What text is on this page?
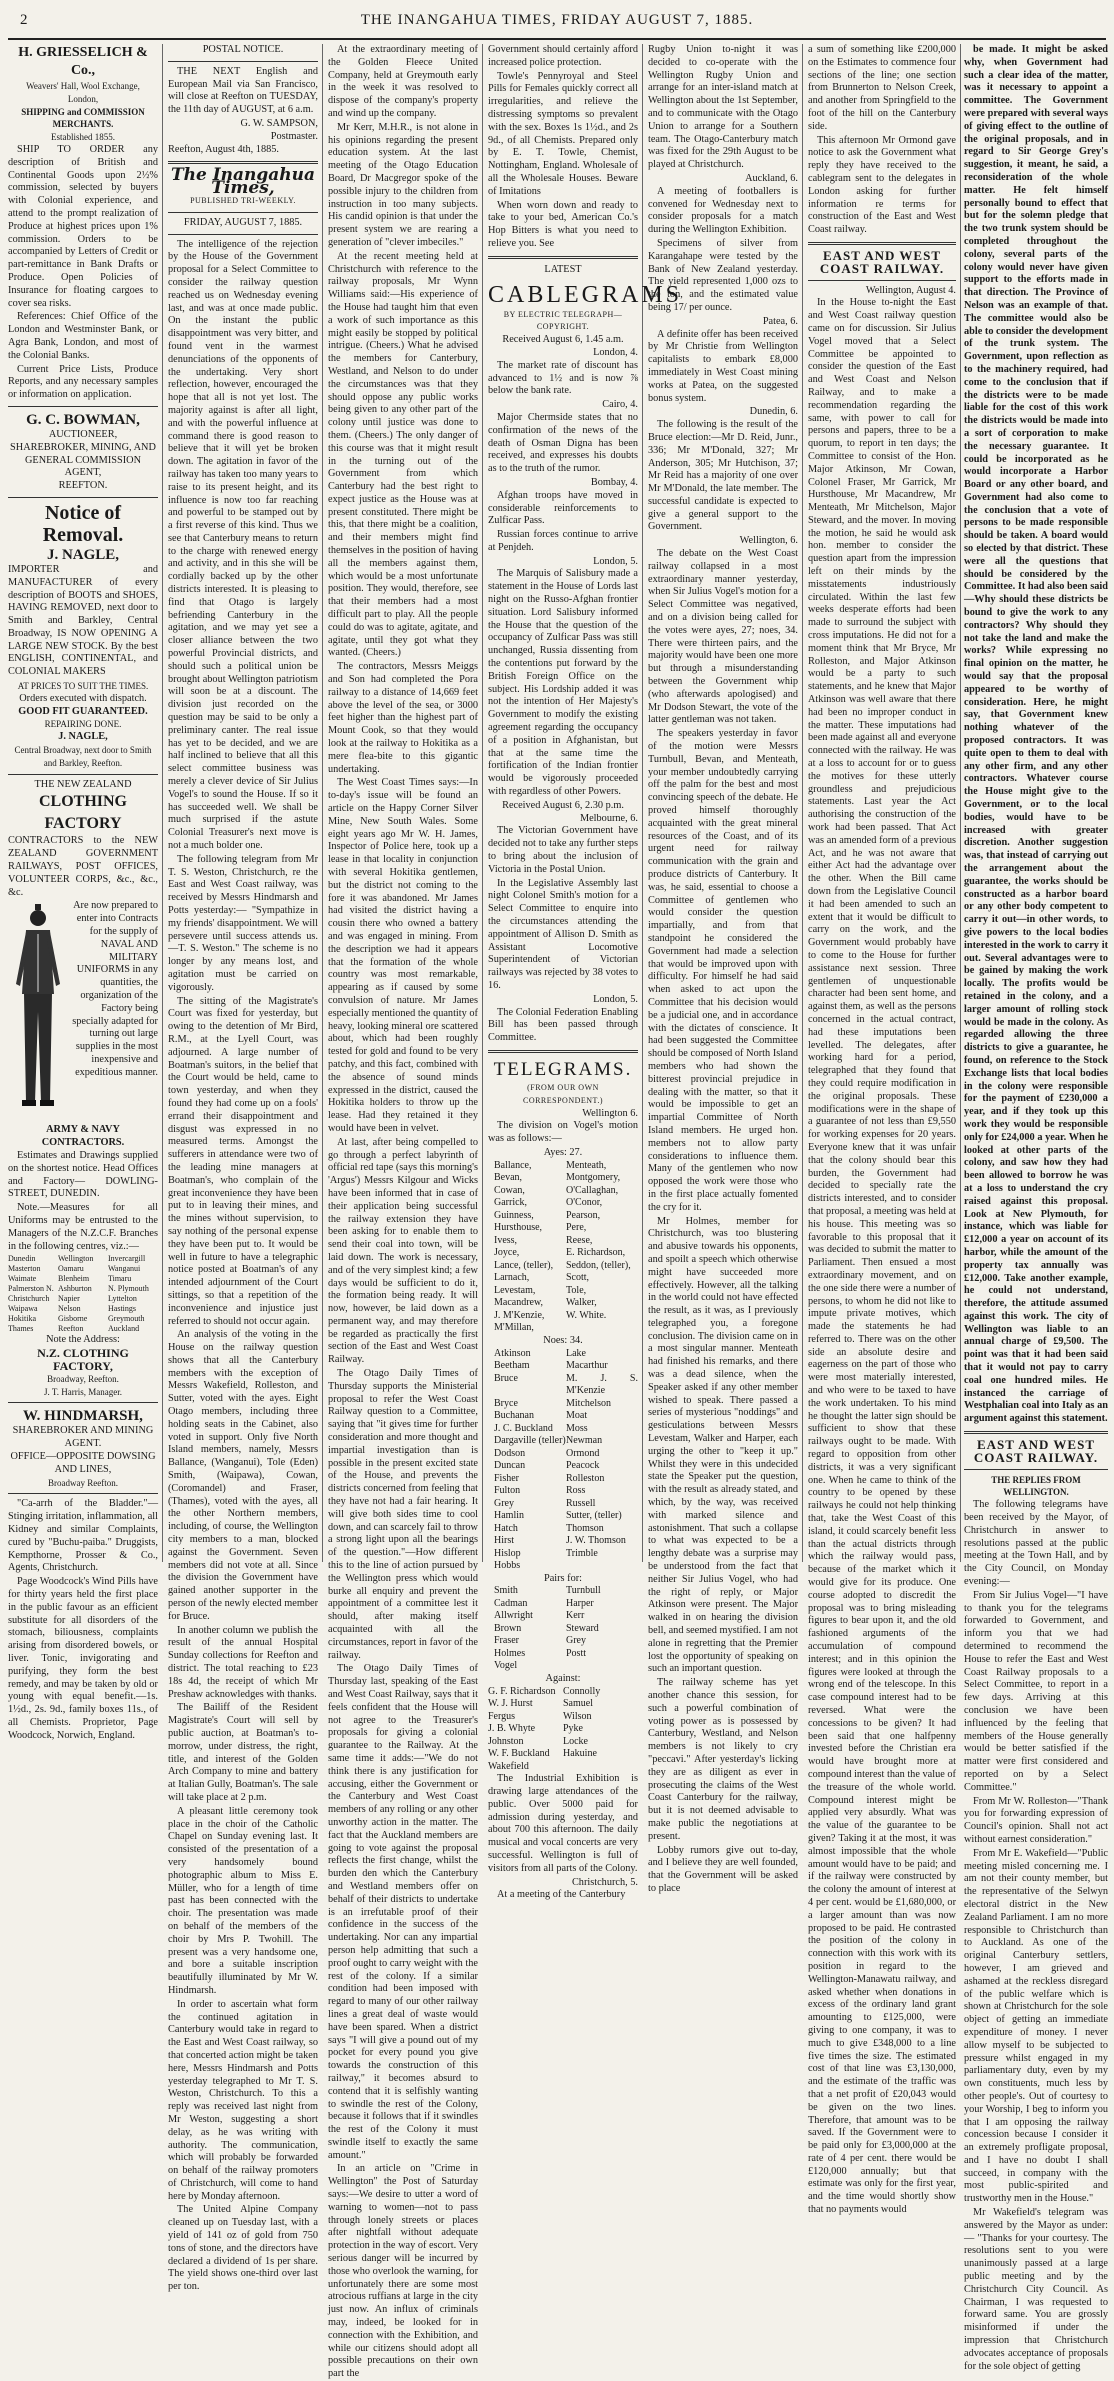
2	THE INANGAHUA TIMES, FRIDAY AUGUST 7, 1885.
H. GRIESSELICH & Co.,
Weavers' Hall, Wool Exchange,
London,
SHIPPING and COMMISSION MERCHANTS.
Established 1855.

SHIP TO ORDER any description of British and Continental Goods upon 2½% commission, selected by buyers with Colonial experience, and attend to the prompt realization of Produce at highest prices upon 1% commission. Orders to be accompanied by Letters of Credit or part-remittance in Bank Drafts or Produce. Open Policies of Insurance for floating cargoes to cover sea risks.

References: Chief Office of the London and Westminster Bank, or Agra Bank, London, and most of the Colonial Banks.

Current Price Lists, Produce Reports, and any necessary samples or information on application.

G. C. BOWMAN,
AUCTIONEER,
SHAREBROKER, MINING, AND
GENERAL COMMISSION
AGENT,
REEFTON.
Notice of Removal.
J. NAGLE,

IMPORTER and MANUFACTURER of every description of BOOTS and SHOES, HAVING REMOVED, next door to Smith and Barkley, Central Broadway, IS NOW OPENING A LARGE NEW STOCK. By the best ENGLISH, CONTINENTAL, and COLONIAL MAKERS

AT PRICES TO SUIT THE TIMES.
Orders executed with dispatch.
GOOD FIT GUARANTEED.
REPAIRING DONE.
J. NAGLE,
Central Broadway, next door to Smith and Barkley, Reefton.
THE NEW ZEALAND
CLOTHING FACTORY

CONTRACTORS to the NEW ZEALAND GOVERNMENT RAILWAYS, POST OFFICES, VOLUNTEER CORPS, &c., &c., &c.

Are now prepared to enter into Contracts for the supply of NAVAL AND MILITARY UNIFORMS in any quantities, the organization of the Factory being specially adapted for turning out large supplies in the most inexpensive and expeditious manner.

ARMY & NAVY CONTRACTORS.

Estimates and Drawings supplied on the shortest notice. Head Offices and Factory— DOWLING-STREET, DUNEDIN.

Note.—Measures for all Uniforms may be entrusted to the Managers of the N.Z.C.F. Branches in the following centres, viz.:—

Dunedin	Wellington	Invercargill
Masterton	Oamaru	Wanganui
Waimate	Blenheim	Timaru
Palmerston N. Ashburton	N. Plymouth
Christchurch	Napier	Lyttelton
Waipawa	Nelson	Hastings
Hokitika	Gisborne	Greymouth
Thames	Reefton	Auckland
Note the Address:
N.Z. CLOTHING FACTORY,
Broadway, Reefton.
J. T. Harris, Manager.
W. HINDMARSH,
SHAREBROKER AND MINING AGENT.
OFFICE—OPPOSITE DOWSING AND LINES,
Broadway Reefton.

"Ca-arrh of the Bladder."— Stinging irritation, inflammation, all Kidney and similar Complaints, cured by "Buchu-paiba." Druggists, Kempthorne, Prosser & Co., Agents, Christchurch.

Page Woodcock's Wind Pills have for thirty years held the first place in the public favour as an efficient substitute for all disorders of the stomach, biliousness, complaints arising from disordered bowels, or liver. Tonic, invigorating and purifying, they form the best remedy, and may be taken by old or young with equal benefit.—1s. 1½d., 2s. 9d., family boxes 11s., of all Chemists. Proprietor, Page Woodcock, Norwich, England.

POSTAL NOTICE.

THE NEXT English and European Mail via San Francisco, will close at Reefton on TUESDAY, the 11th day of AUGUST, at 6 a.m.

G. W. SAMPSON,
Postmaster.
Reefton, August 4th, 1885.
The Inangahua Times,
PUBLISHED TRI-WEEKLY.
FRIDAY, AUGUST 7, 1885.

The intelligence of the rejection by the House of the Government proposal for a Select Committee to consider the railway question reached us on Wednesday evening last, and was at once made public. On the instant the public disappointment was very bitter, and found vent in the warmest denunciations of the opponents of the undertaking. Very short reflection, however, encouraged the hope that all is not yet lost. The majority against is after all light, and with the powerful influence at command there is good reason to believe that it will yet be broken down. The agitation in favor of the railway has taken too many years to raise to its present height, and its influence is now too far reaching and powerful to be stamped out by a first reverse of this kind. Thus we see that Canterbury means to return to the charge with renewed energy and activity, and in this she will be cordially backed up by the other districts interested. It is pleasing to find that Otago is largely befriending Canterbury in the agitation, and we may yet see a closer alliance between the two powerful Provincial districts, and should such a political union be brought about Wellington patriotism will soon be at a discount. The division just recorded on the question may be said to be only a preliminary canter. The real issue has yet to be decided, and we are half inclined to believe that all this select committee business was merely a clever device of Sir Julius Vogel's to sound the House. If so it has succeeded well. We shall be much surprised if the astute Colonial Treasurer's next move is not a much bolder one.

The following telegram from Mr T. S. Weston, Christchurch, re the East and West Coast railway, was received by Messrs Hindmarsh and Potts yesterday:— "Sympathize in my friends' disappointment. We will persevere until success attends us.—T. S. Weston." The scheme is no longer by any means lost, and agitation must be carried on vigorously.

The sitting of the Magistrate's Court was fixed for yesterday, but owing to the detention of Mr Bird, R.M., at the Lyell Court, was adjourned. A large number of Boatman's suitors, in the belief that the Court would be held, came to town yesterday, and when they found they had come up on a fools' errand their disappointment and disgust was expressed in no measured terms. Amongst the sufferers in attendance were two of the leading mine managers at Boatman's, who complain of the great inconvenience they have been put to in leaving their mines, and the mines without supervision, to say nothing of the personal expense they have been put to. It would be well in future to have a telegraphic notice posted at Boatman's of any intended adjournment of the Court sittings, so that a repetition of the inconvenience and injustice just referred to should not occur again.

An analysis of the voting in the House on the railway question shows that all the Canterbury members with the exception of Messrs Wakefield, Rolleston, and Sutter, voted with the ayes. Eight Otago members, including three holding seats in the Cabinet, also voted in support. Only five North Island members, namely, Messrs Ballance, (Wanganui), Tole (Eden) Smith, (Waipawa), Cowan, (Coromandel) and Fraser, (Thames), voted with the ayes, all the other Northern members, including, of course, the Wellington city members to a man, blocked against the Government. Seven members did not vote at all. Since the division the Government have gained another supporter in the person of the newly elected member for Bruce.

In another column we publish the result of the annual Hospital Sunday collections for Reefton and district. The total reaching to £23 18s 4d, the receipt of which Mr Preshaw acknowledges with thanks.

The Bailiff of the Resident Magistrate's Court will sell by public auction, at Boatman's to-morrow, under distress, the right, title, and interest of the Golden Arch Company to mine and battery at Italian Gully, Boatman's. The sale will take place at 2 p.m.

A pleasant little ceremony took place in the choir of the Catholic Chapel on Sunday evening last. It consisted of the presentation of a very handsomely bound photographic album to Miss E. Müller, who for a length of time past has been connected with the choir. The presentation was made on behalf of the members of the choir by Mrs P. Twohill. The present was a very handsome one, and bore a suitable inscription beautifully illuminated by Mr W. Hindmarsh.

In order to ascertain what form the continued agitation in Canterbury would take in regard to the East and West Coast railway, so that concerted action might be taken here, Messrs Hindmarsh and Potts yesterday telegraphed to Mr T. S. Weston, Christchurch. To this a reply was received last night from Mr Weston, suggesting a short delay, as he was writing with authority. The communication, which will probably be forwarded on behalf of the railway promoters of Christchurch, will come to hand here by Monday afternoon.

The United Alpine Company cleaned up on Tuesday last, with a yield of 141 oz of gold from 750 tons of stone, and the directors have declared a dividend of 1s per share. The yield shows one-third over last per ton.

At the extraordinary meeting of the Golden Fleece United Company, held at Greymouth early in the week it was resolved to dispose of the company's property and wind up the company.

Mr Kerr, M.H.R., is not alone in his opinions regarding the present education system. At the last meeting of the Otago Education Board, Dr Macgregor spoke of the possible injury to the children from instruction in too many subjects. His candid opinion is that under the present system we are rearing a generation of "clever imbeciles."

At the recent meeting held at Christchurch with reference to the railway proposals, Mr Wynn Williams said:—His experience of the House had taught him that even a work of such importance as this might easily be stopped by political intrigue. (Cheers.) What he advised the members for Canterbury, Westland, and Nelson to do under the circumstances was that they should oppose any public works being given to any other part of the colony until justice was done to them. (Cheers.) The only danger of this course was that it might result in the turning out of the Government from which Canterbury had the best right to expect justice as the House was at present constituted. There might be this, that there might be a coalition, and their members might find themselves in the position of having all the members against them, which would be a most unfortunate position. They would, therefore, see that their members had a most difficult part to play. All the people could do was to agitate, agitate, and agitate, until they got what they wanted. (Cheers.)

The contractors, Messrs Meiggs and Son had completed the Pora railway to a distance of 14,669 feet above the level of the sea, or 3000 feet higher than the highest part of Mount Cook, so that they would look at the railway to Hokitika as a mere flea-bite to this gigantic undertaking.

The West Coast Times says:—In to-day's issue will be found an article on the Happy Corner Silver Mine, New South Wales. Some eight years ago Mr W. H. James, Inspector of Police here, took up a lease in that locality in conjunction with several Hokitika gentlemen, but the district not coming to the fore it was abandoned. Mr James had visited the district having a cousin there who owned a battery and was engaged in mining. From the description we had it appears that the formation of the whole country was most remarkable, appearing as if caused by some convulsion of nature. Mr James especially mentioned the quantity of heavy, looking mineral ore scattered about, which had been roughly tested for gold and found to be very patchy, and this fact, combined with the absence of sound minds expressed in the district, caused the Hokitika holders to throw up the lease. Had they retained it they would have been in velvet.

At last, after being compelled to go through a perfect labyrinth of official red tape (says this morning's 'Argus') Messrs Kilgour and Wicks have been informed that in case of their application being successful the railway extension they have been asking for to enable them to send their coal into town, will be laid down. The work is necessary, and of the very simplest kind; a few days would be sufficient to do it, the formation being ready. It will now, however, be laid down as a permanent way, and may therefore be regarded as practically the first section of the East and West Coast Railway.

The Otago Daily Times of Thursday supports the Ministerial proposal to refer the West Coast Railway question to a Committee, saying that "it gives time for further consideration and more thought and impartial investigation than is possible in the present excited state of the House, and prevents the districts concerned from feeling that they have not had a fair hearing. It will give both sides time to cool down, and can scarcely fail to throw a strong light upon all the bearings of the question."—How different this to the line of action pursued by the Wellington press which would burke all enquiry and prevent the appointment of a committee lest it should, after making itself acquainted with all the circumstances, report in favor of the railway.

The Otago Daily Times of Thursday last, speaking of the East and West Coast Railway, says that it feels confident that the House will not agree to the Treasurer's proposals for giving a colonial guarantee to the Railway. At the same time it adds:—"We do not think there is any justification for accusing, either the Government or the Canterbury and West Coast members of any rolling or any other unworthy action in the matter. The fact that the Auckland members are going to vote against the proposal reflects the first change, whilst the burden den which the Canterbury and Westland members offer on behalf of their districts to undertake is an irrefutable proof of their confidence in the success of the undertaking. Nor can any impartial person help admitting that such a proof ought to carry weight with the rest of the colony. If a similar condition had been imposed with regard to many of our other railway lines a great deal of waste would have been spared. When a district says "I will give a pound out of my pocket for every pound you give towards the construction of this railway," it becomes absurd to contend that it is selfishly wanting to swindle the rest of the Colony, because it follows that if it swindles the rest of the Colony it must swindle itself to exactly the same amount."

In an article on "Crime in Wellington" the Post of Saturday says:—We desire to utter a word of warning to women—not to pass through lonely streets or places after nightfall without adequate protection in the way of escort. Very serious danger will be incurred by those who overlook the warning, for unfortunately there are some most atrocious ruffians at large in the city just now. An influx of criminals may, indeed, be looked for in connection with the Exhibition, and while our citizens should adopt all possible precautions on their own part the

Government should certainly afford increased police protection.

Towle's Pennyroyal and Steel Pills for Females quickly correct all irregularities, and relieve the distressing symptoms so prevalent with the sex. Boxes 1s 1½d., and 2s 9d., of all Chemists. Prepared only by E. T. Towle, Chemist, Nottingham, England. Wholesale of all the Wholesale Houses. Beware of Imitations

When worn down and ready to take to your bed, American Co.'s Hop Bitters is what you need to relieve you. See

LATEST
CABLEGRAMS
BY ELECTRIC TELEGRAPH—COPYRIGHT.
Received August 6, 1.45 a.m.
London, 4.

The market rate of discount has advanced to 1½ and is now ⅞ below the bank rate.

Cairo, 4.

Major Chermside states that no confirmation of the news of the death of Osman Digna has been received, and expresses his doubts as to the truth of the rumor.

Bombay, 4.

Afghan troops have moved in considerable reinforcements to Zulficar Pass.

Russian forces continue to arrive at Penjdeh.

London, 5.

The Marquis of Salisbury made a statement in the House of Lords last night on the Russo-Afghan frontier situation. Lord Salisbury informed the House that the question of the occupancy of Zulficar Pass was still unchanged, Russia dissenting from the contentions put forward by the British Foreign Office on the subject. His Lordship added it was not the intention of Her Majesty's Government to modify the existing agreement regarding the occupancy of a position in Afghanistan, but that at the same time the fortification of the Indian frontier would be vigorously proceeded with regardless of other Powers.

Received August 6, 2.30 p.m.
Melbourne, 6.

The Victorian Government have decided not to take any further steps to bring about the inclusion of Victoria in the Postal Union.

In the Legislative Assembly last night Colonel Smith's motion for a Select Committee to enquire into the circumstances attending the appointment of Allison D. Smith as Assistant Locomotive Superintendent of Victorian railways was rejected by 38 votes to 16.

London, 5.

The Colonial Federation Enabling Bill has been passed through Committee.

TELEGRAMS.
(FROM OUR OWN CORRESPONDENT.)
Wellington 6.

The division on Vogel's motion was as follows:—

Ayes: 27.
Ballance,	Menteath,
Bevan,	Montgomery,
Cowan,	O'Callaghan,
Garrick,	O'Conor,
Guinness,	Pearson,
Hursthouse,	Pere,
Ivess,	Reese,
Joyce,	E. Richardson,
Lance, (teller),	Seddon, (teller),
Larnach,	Scott,
Levestam,	Tole,
Macandrew,	Walker,
J. M'Kenzie,	W. White.
M'Millan,
Noes: 34.
Atkinson	Lake
Beetham	Macarthur
Bruce	M. J. S. M'Kenzie
Bryce	Mitchelson
Buchanan	Moat
J. C. Buckland	Moss
Dargaville (teller) Newman
Dodson	Ormond
Duncan	Peacock
Fisher	Rolleston
Fulton	Ross
Grey	Russell
Hamlin	Sutter, (teller)
Hatch	Thomson
Hirst	J. W. Thomson
Hislop	Trimble
Hobbs
Pairs for:
Smith	Turnbull
Cadman	Harper
Allwright	Kerr
Brown	Steward
Fraser	Grey
Holmes	Postt
Vogel
Against:
G. F. Richardson Connolly
W. J. Hurst	Samuel
Fergus	Wilson
J. B. Whyte	Pyke
Johnston	Locke
W. F. Buckland	Hakuine
Wakefield

The Industrial Exhibition is drawing large attendances of the public. Over 5000 paid for admission during yesterday, and about 700 this afternoon. The daily musical and vocal concerts are very successful. Wellington is full of visitors from all parts of the Colony.

Christchurch, 5.

At a meeting of the Canterbury

Rugby Union to-night it was decided to co-operate with the Wellington Rugby Union and arrange for an inter-island match at Wellington about the 1st September, and to communicate with the Otago Union to arrange for a Southern team. The Otago-Canterbury match was fixed for the 29th August to be played at Christchurch.

Auckland, 6.

A meeting of footballers is convened for Wednesday next to consider proposals for a match during the Wellington Exhibition.

Specimens of silver from Karangahape were tested by the Bank of New Zealand yesterday. The yield represented 1,000 ozs to the ton, and the estimated value being 17/ per ounce.

Patea, 6.

A definite offer has been received by Mr Christie from Wellington capitalists to embark £8,000 immediately in West Coast mining works at Patea, on the suggested bonus system.

Dunedin, 6.

The following is the result of the Bruce election:—Mr D. Reid, Junr., 336; Mr M'Donald, 327; Mr Anderson, 305; Mr Hutchison, 37; Mr Reid has a majority of one over Mr M'Donald, the late member. The successful candidate is expected to give a general support to the Government.

Wellington, 6.

The debate on the West Coast railway collapsed in a most extraordinary manner yesterday, when Sir Julius Vogel's motion for a Select Committee was negatived, and on a division being called for the votes were ayes, 27; noes, 34. There were thirteen pairs, and the majority would have been one more but through a misunderstanding between the Government whip (who afterwards apologised) and Mr Dodson Stewart, the vote of the latter gentleman was not taken.

The speakers yesterday in favor of the motion were Messrs Turnbull, Bevan, and Menteath, your member undoubtedly carrying off the palm for the best and most convincing speech of the debate. He proved himself thoroughly acquainted with the great mineral resources of the Coast, and of its urgent need for railway communication with the grain and produce districts of Canterbury. It was, he said, essential to choose a Committee of gentlemen who would consider the question impartially, and from that standpoint he considered the Government had made a selection that would be improved upon with difficulty. For himself he had said when asked to act upon the Committee that his decision would be a judicial one, and in accordance with the dictates of conscience. It had been suggested the Committee should be composed of North Island members who had shown the bitterest provincial prejudice in dealing with the matter, so that it would be impossible to get an impartial Committee of North Island members. He urged hon. members not to allow party considerations to influence them. Many of the gentlemen who now opposed the work were those who in the first place actually fomented the cry for it.

Mr Holmes, member for Christchurch, was too blustering and abusive towards his opponents, and spoilt a speech which otherwise might have succeeded more effectively. However, all the talking in the world could not have effected the result, as it was, as I previously telegraphed you, a foregone conclusion. The division came on in a most singular manner. Menteath had finished his remarks, and there was a dead silence, when the Speaker asked if any other member wished to speak. There passed a series of mysterious "noddings" and gesticulations between Messrs Levestam, Walker and Harper, each urging the other to "keep it up." Whilst they were in this undecided state the Speaker put the question, with the result as already stated, and which, by the way, was received with marked silence and astonishment. That such a collapse to what was expected to be a lengthy debate was a surprise may be understood from the fact that neither Sir Julius Vogel, who had the right of reply, or Major Atkinson were present. The Major walked in on hearing the division bell, and seemed mystified. I am not alone in regretting that the Premier lost the opportunity of speaking on such an important question.

The railway scheme has yet another chance this session, for such a powerful combination of voting power as is possessed by Canterbury, Westland, and Nelson members is not likely to cry "peccavi." After yesterday's licking they are as diligent as ever in prosecuting the claims of the West Coast Canterbury for the railway, but it is not deemed advisable to make public the negotiations at present.

Lobby rumors give out to-day, and I believe they are well founded, that the Government will be asked to place

a sum of something like £200,000 on the Estimates to commence four sections of the line; one section from Brunnerton to Nelson Creek, and another from Springfield to the foot of the hill on the Canterbury side.

This afternoon Mr Ormond gave notice to ask the Government what reply they have received to the cablegram sent to the delegates in London asking for further information re terms for construction of the East and West Coast railway.

EAST AND WEST COAST RAILWAY.
Wellington, August 4.

In the House to-night the East and West Coast railway question came on for discussion. Sir Julius Vogel moved that a Select Committee be appointed to consider the question of the East and West Coast and Nelson Railway, and to make a recommendation regarding the same, with power to call for persons and papers, three to be a quorum, to report in ten days; the Committee to consist of the Hon. Major Atkinson, Mr Cowan, Colonel Fraser, Mr Garrick, Mr Hursthouse, Mr Macandrew, Mr Menteath, Mr Mitchelson, Major Steward, and the mover. In moving the motion, he said he would ask hon. member to consider the question apart from the impression left on their minds by the misstatements industriously circulated. Within the last few weeks desperate efforts had been made to surround the subject with cross imputations. He did not for a moment think that Mr Bryce, Mr Rolleston, and Major Atkinson would be a party to such statements, and he knew that Major Atkinson was well aware that there had been no improper conduct in the matter. These imputations had been made against all and everyone connected with the railway. He was at a loss to account for or to guess the motives for these utterly groundless and prejudicious statements. Last year the Act authorising the construction of the work had been passed. That Act was an amended form of a previous Act, and he was not aware that either Act had the advantage over the other. When the Bill came down from the Legislative Council it had been amended to such an extent that it would be difficult to carry on the work, and the Government would probably have to come to the House for further assistance next session. Three gentlemen of unquestionable character had been sent home, and against them, as well as the persons concerned in the actual contract, had these imputations been levelled. The delegates, after working hard for a period, telegraphed that they found that they could require modification in the original proposals. These modifications were in the shape of a guarantee of not less than £9,550 for working expenses for 20 years. Everyone knew that it was unfair that the colony should bear this burden, the Government had decided to specially rate the districts interested, and to consider that proposal, a meeting was held at his house. This meeting was so favorable to this proposal that it was decided to submit the matter to Parliament. Then ensued a most extraordinary movement, and on the one side there were a number of persons, to whom he did not like to impute private motives, which made the statements he had referred to. There was on the other side an absolute desire and eagerness on the part of those who were most materially interested, and who were to be taxed to have the work undertaken. To his mind he thought the latter sign should be sufficient to show that these railways ought to be made. With regard to opposition from other districts, it was a very significant one. When he came to think of the country to be opened by these railways he could not help thinking that, take the West Coast of this island, it could scarcely benefit less than the actual districts through which the railway would pass, because of the market which it would give for its produce. One course adopted to discredit the proposal was to bring misleading figures to bear upon it, and the old fashioned arguments of the accumulation of compound interest; and in this opinion the figures were looked at through the wrong end of the telescope. In this case compound interest had to be reversed. What were the concessions to be given? It had been said that one halfpenny invested before the Christian era would have brought more at compound interest than the value of the treasure of the whole world. Compound interest might be applied very absurdly. What was the value of the guarantee to be given? Taking it at the most, it was almost impossible that the whole amount would have to be paid; and if the railway were constructed by the colony the amount of interest at 4 per cent. would be £1,680,000, or a larger amount than was now proposed to be paid. He contrasted the position of the colony in connection with this work with its position in regard to the Wellington-Manawatu railway, and asked whether when donations in excess of the ordinary land grant amounting to £125,000, were giving to one company, it was to much to give £348,000 to a line five times the size. The estimated cost of that line was £3,130,000, and the estimate of the traffic was that a net profit of £20,043 would be given on the two lines. Therefore, that amount was to be saved. If the Government were to be paid only for £3,000,000 at the rate of 4 per cent. there would be £120,000 annually; but that estimate was only for the first year, and the time would shortly show that no payments would

be made. It might be asked why, when Government had such a clear idea of the matter, was it necessary to appoint a committee. The Government were prepared with several ways of giving effect to the outline of the original proposals, and in regard to Sir George Grey's suggestion, it meant, he said, a reconsideration of the whole matter. He felt himself personally bound to effect that but for the solemn pledge that the two trunk system should be completed throughout the colony, several parts of the colony would never have given support to the efforts made in that direction. The Province of Nelson was an example of that. The committee would also be able to consider the development of the trunk system. The Government, upon reflection as to the machinery required, had come to the conclusion that if the districts were to be made liable for the cost of this work the districts would be made into a sort of corporation to make the necessary guarantee. It could be incorporated as he would incorporate a Harbor Board or any other board, and Government had also come to the conclusion that a vote of persons to be made responsible should be taken. A board would so elected by that district. These were all the questions that should be considered by the Committee. It had also been said—Why should these districts be bound to give the work to any contractors? Why should they not take the land and make the works? While expressing no final opinion on the matter, he would say that the proposal appeared to be worthy of consideration. Here, he might say, that Government knew nothing whatever of the proposed contractors. It was quite open to them to deal with any other firm, and any other contractors. Whatever course the House might give to the Government, or to the local bodies, would have to be increased with greater discretion. Another suggestion was, that instead of carrying out the arrangement about the guarantee, the works should be constructed as a harbor board or any other body competent to carry it out—in other words, to give powers to the local bodies interested in the work to carry it out. Several advantages were to be gained by making the work locally. The profits would be retained in the colony, and a larger amount of rolling stock would be made in the colony. As regarded allowing the three districts to give a guarantee, he found, on reference to the Stock Exchange lists that local bodies in the colony were responsible for the payment of £230,000 a year, and if they took up this work they would be responsible only for £24,000 a year. When he looked at other parts of the colony, and saw how they had been allowed to borrow he was at a loss to understand the cry raised against this proposal. Look at New Plymouth, for instance, which was liable for £12,000 a year on account of its harbor, while the amount of the property tax annually was £12,000. Take another example, he could not understand, therefore, the attitude assumed against this work. The city of Wellington was liable to an annual charge of £9,500. The point was that it had been said that it would not pay to carry coal one hundred miles. He instanced the carriage of Westphalian coal into Italy as an argument against this statement.

EAST AND WEST COAST RAILWAY.
THE REPLIES FROM WELLINGTON.

The following telegrams have been received by the Mayor, of Christchurch in answer to resolutions passed at the public meeting at the Town Hall, and by the City Council, on Monday evening:—

From Sir Julius Vogel—"I have to thank you for the telegrams forwarded to Government, and inform you that we had determined to recommend the House to refer the East and West Coast Railway proposals to a Select Committee, to report in a few days. Arriving at this conclusion we have been influenced by the feeling that members of the House generally would be better satisfied if the matter were first considered and reported on by a Select Committee."

From Mr W. Rolleston—"Thank you for forwarding expression of Council's opinion. Shall not act without earnest consideration."

From Mr E. Wakefield—"Public meeting misled concerning me. I am not their county member, but the representative of the Selwyn electoral district in the New Zealand Parliament. I am no more responsible to Christchurch than to Auckland. As one of the original Canterbury settlers, however, I am grieved and ashamed at the reckless disregard of the public welfare which is shown at Christchurch for the sole object of getting an immediate expenditure of money. I never allow myself to be subjected to pressure whilst engaged in my parliamentary duty, even by my own constituents, much less by other people's. Out of courtesy to your Worship, I beg to inform you that I am opposing the railway concession because I consider it an extremely profligate proposal, and I have no doubt I shall succeed, in company with the most public-spirited and trustworthy men in the House."

Mr Wakefield's telegram was answered by the Mayor as under:— "Thanks for your courtesy. The resolutions sent to you were unanimously passed at a large public meeting and by the Christchurch City Council. As Chairman, I was requested to forward same. You are grossly misinformed if under the impression that Christchurch advocates acceptance of proposals for the sole object of getting
